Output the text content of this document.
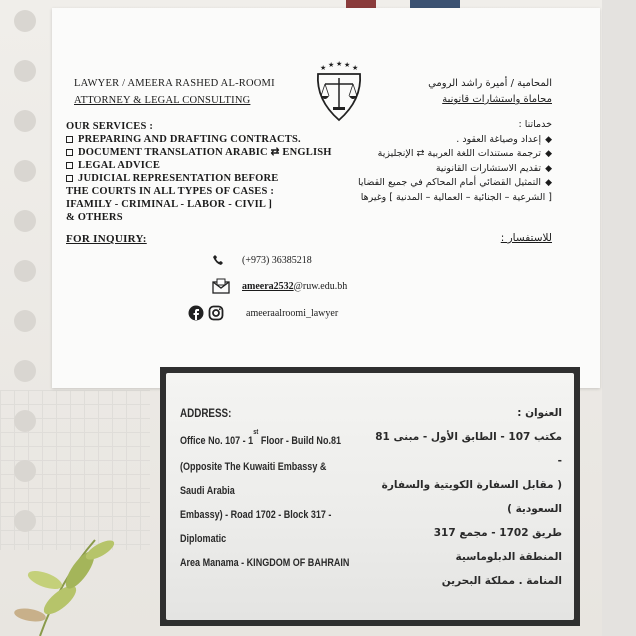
LAWYER / AMEERA RASHED AL-ROOMI
ATTORNEY & LEGAL CONSULTING
★ ★ ★ ★ ★
المحامية / أميرة راشد الرومي
محاماة واستشارات قانونية
OUR SERVICES :
PREPARING AND DRAFTING CONTRACTS.
DOCUMENT TRANSLATION ARABIC ⇄ ENGLISH
LEGAL ADVICE
JUDICIAL REPRESENTATION BEFORE
THE COURTS IN ALL TYPES OF CASES :
IFAMILY - CRIMINAL - LABOR - CIVIL ]
& OTHERS
خدماتنا :
◆إعداد وصياغة العقود .
◆ترجمة مستندات اللغة العربية ⇄ الإنجليزية
◆تقديم الاستشارات القانونية
◆التمثيل القضائي أمام المحاكم في جميع القضايا
[ الشرعية – الجنائية – العمالية – المدنية ] وغيرها
FOR INQUIRY:	للاستفسار :
(+973) 36385218
ameera2532@ruw.edu.bh
ameeraalroomi_lawyer
ADDRESS:
Office No. 107 - 1st Floor - Build No.81
(Opposite The Kuwaiti Embassy & Saudi Arabia
Embassy) - Road 1702 - Block 317 - Diplomatic
Area Manama - KINGDOM OF BAHRAIN
العنوان :
مكتب 107 - الطابق الأول - مبنى 81 -
( مقابل السفارة الكويتية والسفارة السعودية )
طريق 1702 - مجمع 317
المنطقة الدبلوماسية
المنامة . مملكة البحرين
